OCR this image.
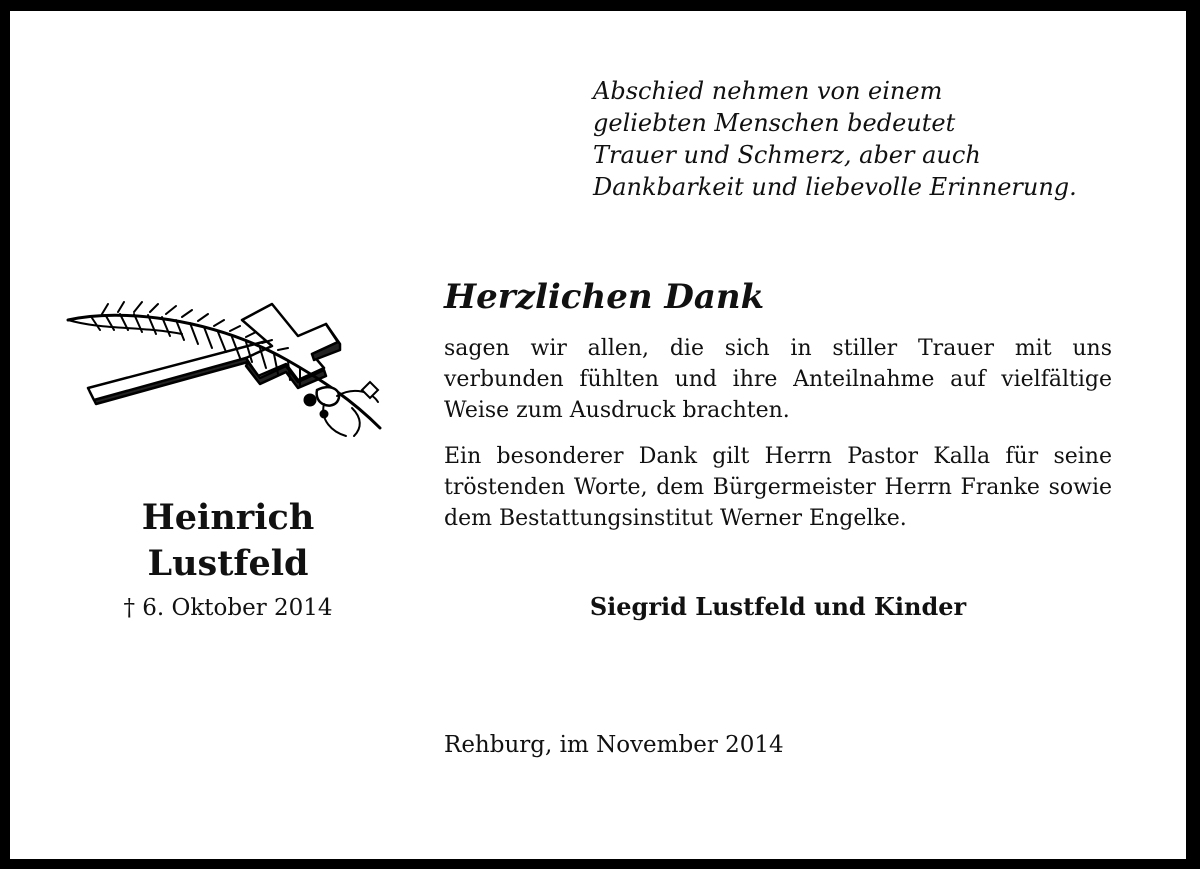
Abschied nehmen von einem
geliebten Menschen bedeutet
Trauer und Schmerz, aber auch
Dankbarkeit und liebevolle Erinnerung.
Heinrich
Lustfeld
† 6. Oktober 2014
Herzlichen Dank

sagen wir allen, die sich in stiller Trauer mit uns verbunden fühlten und ihre Anteilnahme auf vielfältige Weise zum Ausdruck brachten.

Ein besonderer Dank gilt Herrn Pastor Kalla für seine tröstenden Worte, dem Bürgermeister Herrn Franke sowie dem Bestattungsinstitut Werner Engelke.

Siegrid Lustfeld und Kinder
Rehburg, im November 2014
